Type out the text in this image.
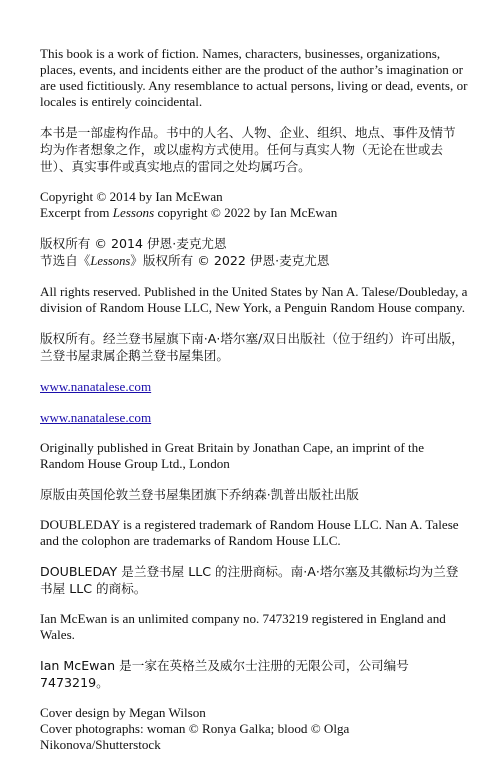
This book is a work of fiction. Names, characters, businesses, organizations, places, events, and incidents either are the product of the author’s imagination or are used fictitiously. Any resemblance to actual persons, living or dead, events, or locales is entirely coincidental.

本书是一部虚构作品。书中的人名、人物、企业、组织、地点、事件及情节均为作者想象之作，或以虚构方式使用。任何与真实人物（无论在世或去世）、真实事件或真实地点的雷同之处均属巧合。

Copyright © 2014 by Ian McEwan
Excerpt from Lessons copyright © 2022 by Ian McEwan
版权所有 © 2014 伊恩·麦克尤恩
节选自《Lessons》版权所有 © 2022 伊恩·麦克尤恩

All rights reserved. Published in the United States by Nan A. Talese/Doubleday, a division of Random House LLC, New York, a Penguin Random House company.

版权所有。经兰登书屋旗下南·A·塔尔塞/双日出版社（位于纽约）许可出版，兰登书屋隶属企鹅兰登书屋集团。

www.nanatalese.com
www.nanatalese.com

Originally published in Great Britain by Jonathan Cape, an imprint of the Random House Group Ltd., London

原版由英国伦敦兰登书屋集团旗下乔纳森·凯普出版社出版

DOUBLEDAY is a registered trademark of Random House LLC. Nan A. Talese and the colophon are trademarks of Random House LLC.

DOUBLEDAY 是兰登书屋 LLC 的注册商标。南·A·塔尔塞及其徽标均为兰登书屋 LLC 的商标。

Ian McEwan is an unlimited company no. 7473219 registered in England and Wales.

Ian McEwan 是一家在英格兰及威尔士注册的无限公司，公司编号 7473219。

Cover design by Megan Wilson
Cover photographs: woman © Ronya Galka; blood © Olga Nikonova/Shutterstock
